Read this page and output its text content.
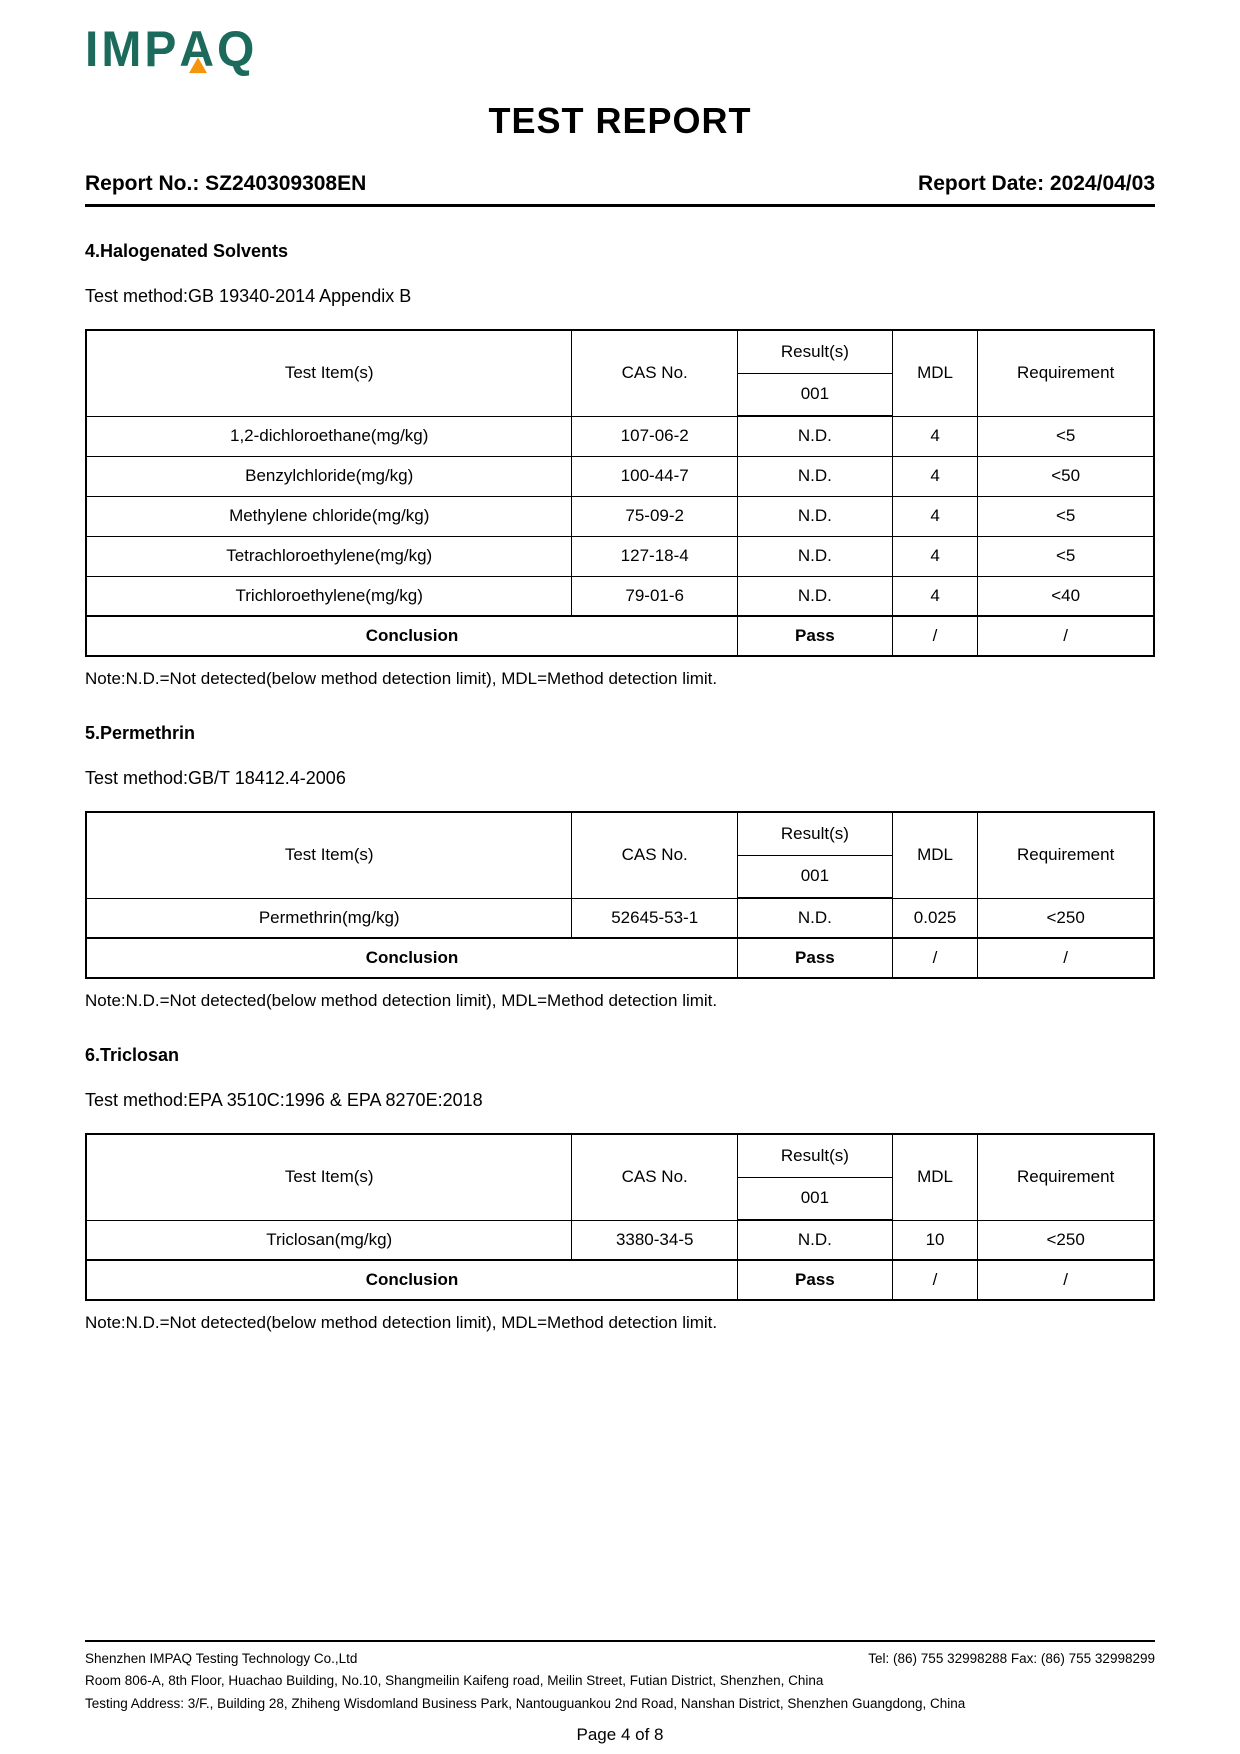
IMP A Q
TEST REPORT
Report No.: SZ240309308EN	Report Date: 2024/04/03
4.Halogenated Solvents
Test method:GB 19340-2014 Appendix B
Test Item(s)	CAS No.	Result(s)	MDL	Requirement
		001		
1,2-dichloroethane(mg/kg)	107-06-2	N.D.	4	<5
Benzylchloride(mg/kg)	100-44-7	N.D.	4	<50
Methylene chloride(mg/kg)	75-09-2	N.D.	4	<5
Tetrachloroethylene(mg/kg)	127-18-4	N.D.	4	<5
Trichloroethylene(mg/kg)	79-01-6	N.D.	4	<40
Conclusion		Pass	/	/
Note:N.D.=Not detected(below method detection limit), MDL=Method detection limit.
5.Permethrin
Test method:GB/T 18412.4-2006
Test Item(s)	CAS No.	Result(s)	MDL	Requirement
		001		
Permethrin(mg/kg)	52645-53-1	N.D.	0.025	<250
Conclusion		Pass	/	/
Note:N.D.=Not detected(below method detection limit), MDL=Method detection limit.
6.Triclosan
Test method:EPA 3510C:1996 & EPA 8270E:2018
Test Item(s)	CAS No.	Result(s)	MDL	Requirement
		001		
Triclosan(mg/kg)	3380-34-5	N.D.	10	<250
Conclusion		Pass	/	/
Note:N.D.=Not detected(below method detection limit), MDL=Method detection limit.
Shenzhen IMPAQ Testing Technology Co.,Ltd	Tel: (86) 755 32998288 Fax: (86) 755 32998299
Room 806-A, 8th Floor, Huachao Building, No.10, Shangmeilin Kaifeng road, Meilin Street, Futian District, Shenzhen, China
Testing Address: 3/F., Building 28, Zhiheng Wisdomland Business Park, Nantouguankou 2nd Road, Nanshan District, Shenzhen Guangdong, China
Page 4 of 8
